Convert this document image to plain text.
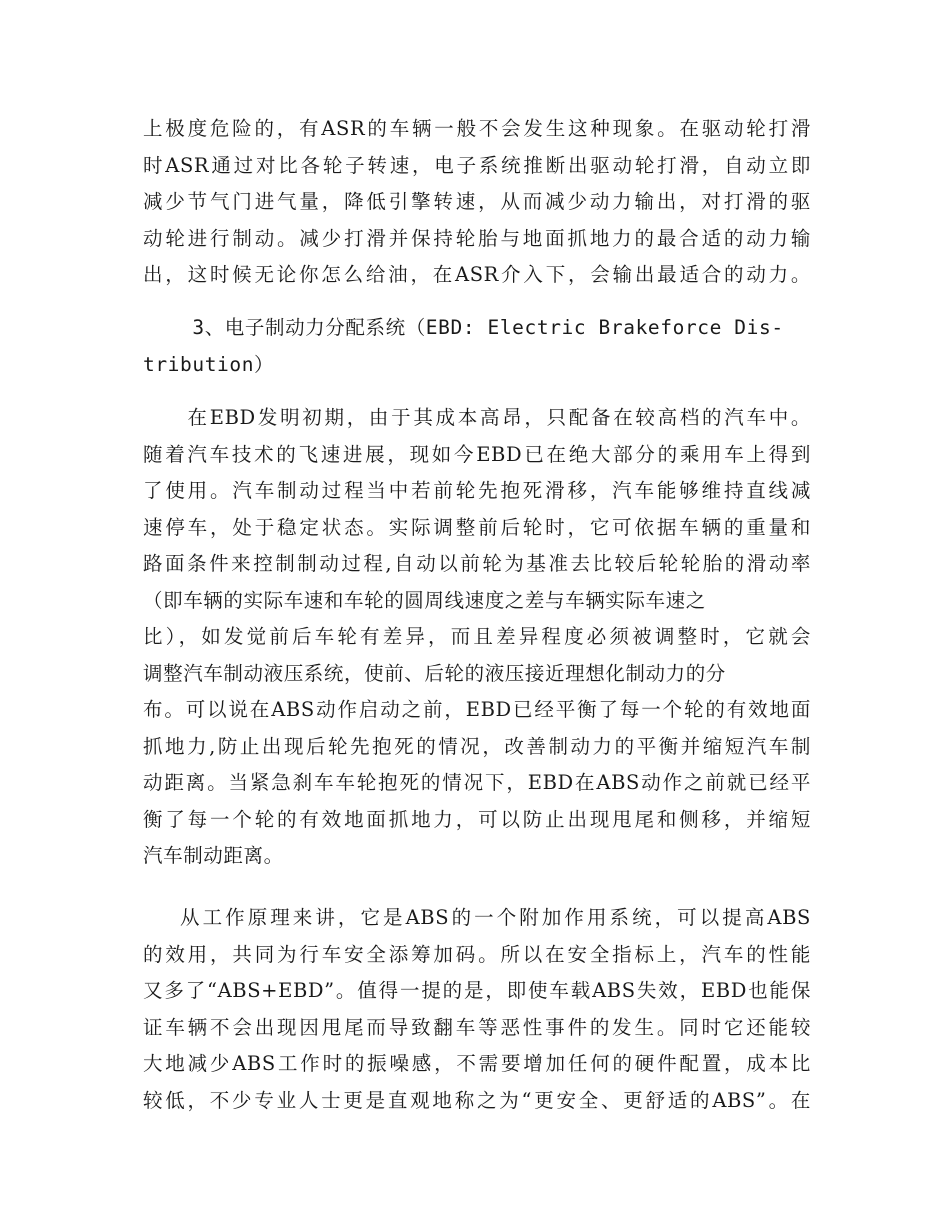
上极度危险的，有ASR的车辆一般不会发生这种现象。在驱动轮打滑
时ASR通过对比各轮子转速，电子系统推断出驱动轮打滑，自动立即
减少节气门进气量，降低引擎转速，从而减少动力输出，对打滑的驱
动轮进行制动。减少打滑并保持轮胎与地面抓地力的最合适的动力输
出，这时候无论你怎么给油，在ASR介入下，会输出最适合的动力。
3、电子制动力分配系统（EBD: Electric Brakeforce Dis-
tribution）
在EBD发明初期，由于其成本高昂，只配备在较高档的汽车中。
随着汽车技术的飞速进展，现如今EBD已在绝大部分的乘用车上得到
了使用。汽车制动过程当中若前轮先抱死滑移，汽车能够维持直线减
速停车，处于稳定状态。实际调整前后轮时，它可依据车辆的重量和
路面条件来控制制动过程,自动以前轮为基准去比较后轮轮胎的滑动率
（即车辆的实际车速和车轮的圆周线速度之差与车辆实际车速之
比），如发觉前后车轮有差异，而且差异程度必须被调整时，它就会
调整汽车制动液压系统，使前、后轮的液压接近理想化制动力的分
布。可以说在ABS动作启动之前，EBD已经平衡了每一个轮的有效地面
抓地力,防止出现后轮先抱死的情况，改善制动力的平衡并缩短汽车制
动距离。当紧急刹车车轮抱死的情况下，EBD在ABS动作之前就已经平
衡了每一个轮的有效地面抓地力，可以防止出现甩尾和侧移，并缩短
汽车制动距离。
从工作原理来讲，它是ABS的一个附加作用系统，可以提高ABS
的效用，共同为行车安全添筹加码。所以在安全指标上，汽车的性能
又多了“ABS+EBD”。值得一提的是，即使车载ABS失效，EBD也能保
证车辆不会出现因甩尾而导致翻车等恶性事件的发生。同时它还能较
大地减少ABS工作时的振噪感，不需要增加任何的硬件配置，成本比
较低，不少专业人士更是直观地称之为“更安全、更舒适的ABS”。在
